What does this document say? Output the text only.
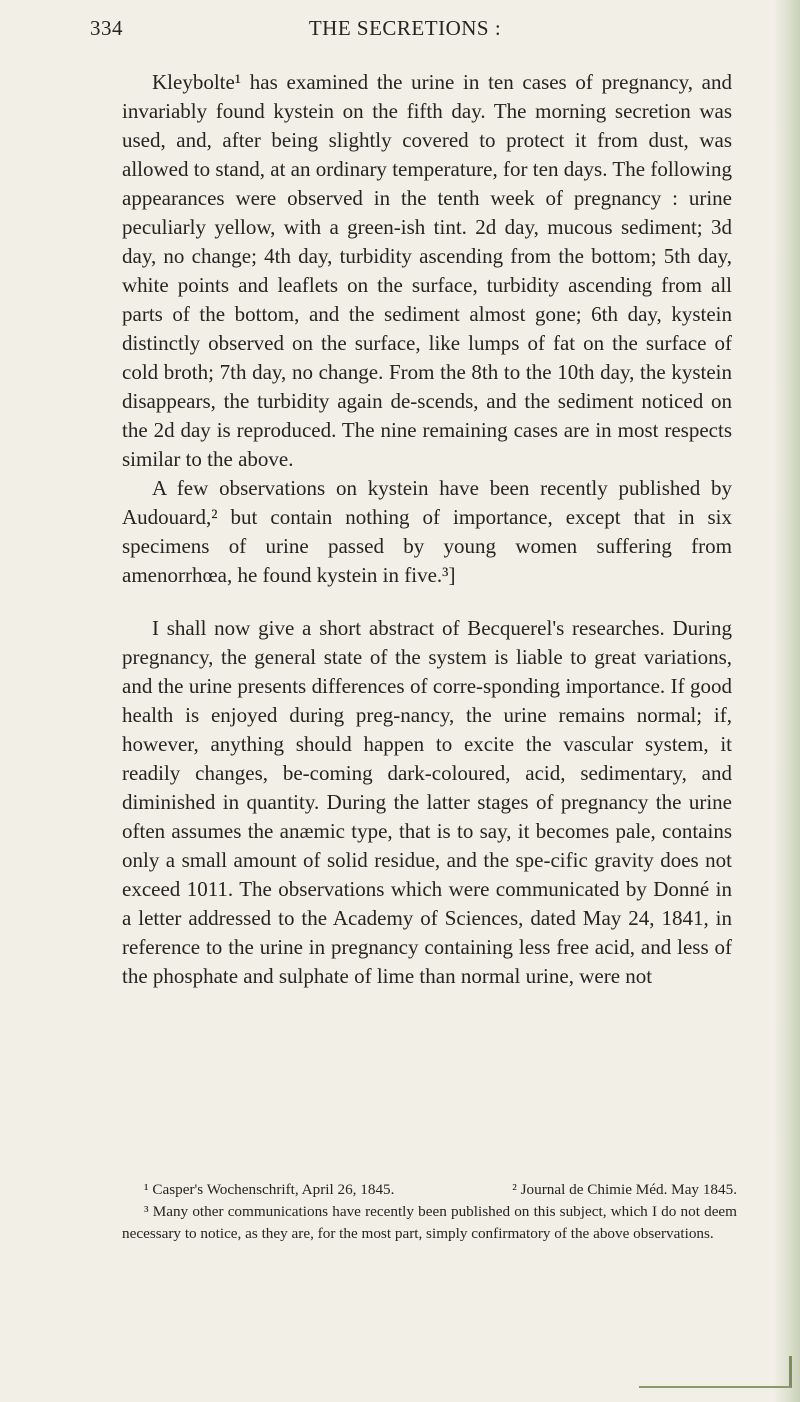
334	THE SECRETIONS :

Kleybolte¹ has examined the urine in ten cases of pregnancy, and invariably found kystein on the fifth day. The morning secretion was used, and, after being slightly covered to protect it from dust, was allowed to stand, at an ordinary temperature, for ten days. The following appearances were observed in the tenth week of pregnancy : urine peculiarly yellow, with a green-ish tint. 2d day, mucous sediment; 3d day, no change; 4th day, turbidity ascending from the bottom; 5th day, white points and leaflets on the surface, turbidity ascending from all parts of the bottom, and the sediment almost gone; 6th day, kystein distinctly observed on the surface, like lumps of fat on the surface of cold broth; 7th day, no change. From the 8th to the 10th day, the kystein disappears, the turbidity again de-scends, and the sediment noticed on the 2d day is reproduced. The nine remaining cases are in most respects similar to the above.

A few observations on kystein have been recently published by Audouard,² but contain nothing of importance, except that in six specimens of urine passed by young women suffering from amenorrhœa, he found kystein in five.³]

I shall now give a short abstract of Becquerel's researches. During pregnancy, the general state of the system is liable to great variations, and the urine presents differences of corre-sponding importance. If good health is enjoyed during preg-nancy, the urine remains normal; if, however, anything should happen to excite the vascular system, it readily changes, be-coming dark-coloured, acid, sedimentary, and diminished in quantity. During the latter stages of pregnancy the urine often assumes the anæmic type, that is to say, it becomes pale, contains only a small amount of solid residue, and the spe-cific gravity does not exceed 1011. The observations which were communicated by Donné in a letter addressed to the Academy of Sciences, dated May 24, 1841, in reference to the urine in pregnancy containing less free acid, and less of the phosphate and sulphate of lime than normal urine, were not

¹ Casper's Wochenschrift, April 26, 1845.	² Journal de Chimie Méd. May 1845.

³ Many other communications have recently been published on this subject, which I do not deem necessary to notice, as they are, for the most part, simply confirmatory of the above observations.
